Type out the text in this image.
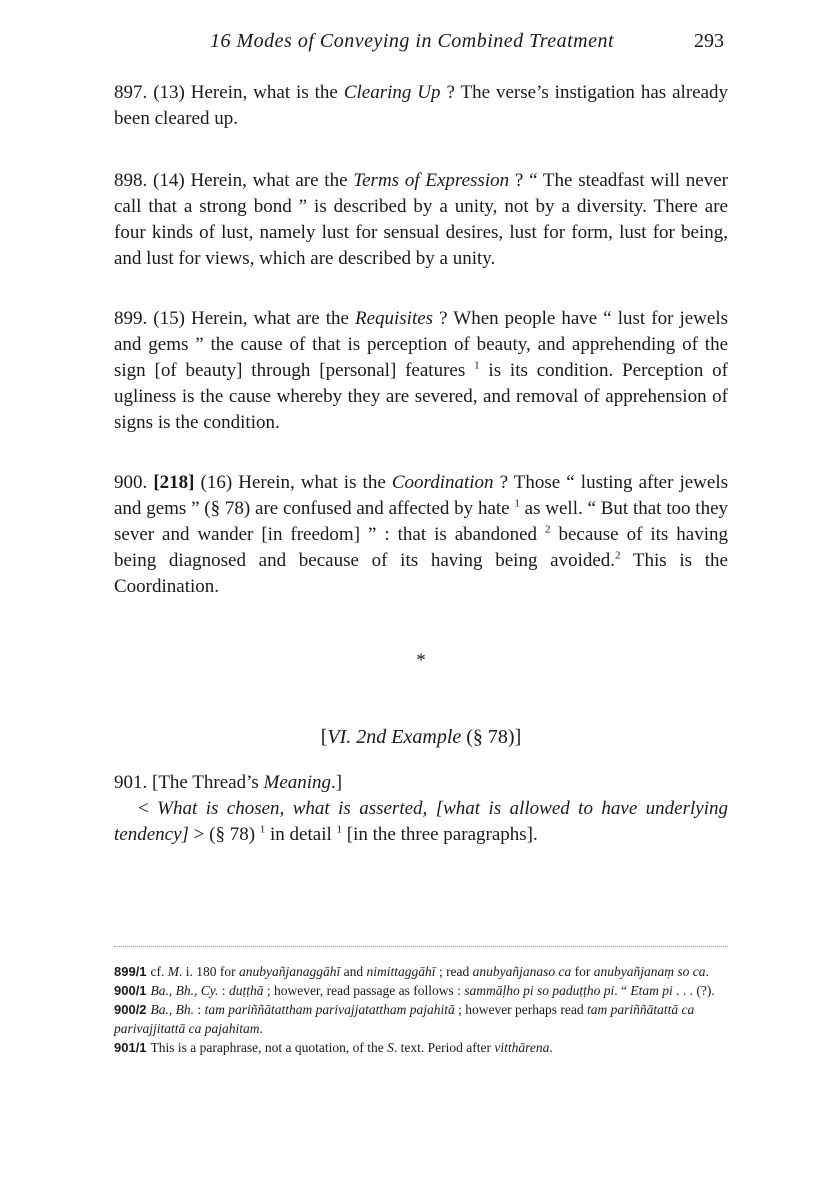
16 Modes of Conveying in Combined Treatment	293

897. (13) Herein, what is the Clearing Up ? The verse’s instigation has already been cleared up.

898. (14) Herein, what are the Terms of Expression ? “ The steadfast will never call that a strong bond ” is described by a unity, not by a diversity. There are four kinds of lust, namely lust for sensual desires, lust for form, lust for being, and lust for views, which are described by a unity.

899. (15) Herein, what are the Requisites ? When people have “ lust for jewels and gems ” the cause of that is perception of beauty, and apprehending of the sign [of beauty] through [personal] features $^1$ is its condition. Perception of ugliness is the cause whereby they are severed, and removal of apprehension of signs is the condition.

900. [218] (16) Herein, what is the Coordination ? Those “ lusting after jewels and gems ” (§ 78) are confused and affected by hate $^1$ as well. “ But that too they sever and wander [in freedom] ” : that is abandoned $^2$ because of its having being diagnosed and because of its having being avoided.$^2$ This is the Coordination.

*
[VI. 2nd Example (§ 78)]

901. [The Thread’s Meaning.]

< What is chosen, what is asserted, [what is allowed to have underlying tendency] > (§ 78) $^1$ in detail $^1$ [in the three paragraphs].

899/1 cf. M. i. 180 for anubyañjanaggāhī and nimittaggāhī ; read anubyañjanaso ca for anubyañjanaṃ so ca.

900/1 Ba., Bh., Cy. : duṭṭhā ; however, read passage as follows : sammāḷho pi so paduṭṭho pi. “ Etam pi . . . (?).

900/2 Ba., Bh. : tam pariññātattham parivajjatattham pajahitā ; however perhaps read tam pariññātattā ca parivajjitattā ca pajahitam.

901/1 This is a paraphrase, not a quotation, of the S. text. Period after vitthārena.
